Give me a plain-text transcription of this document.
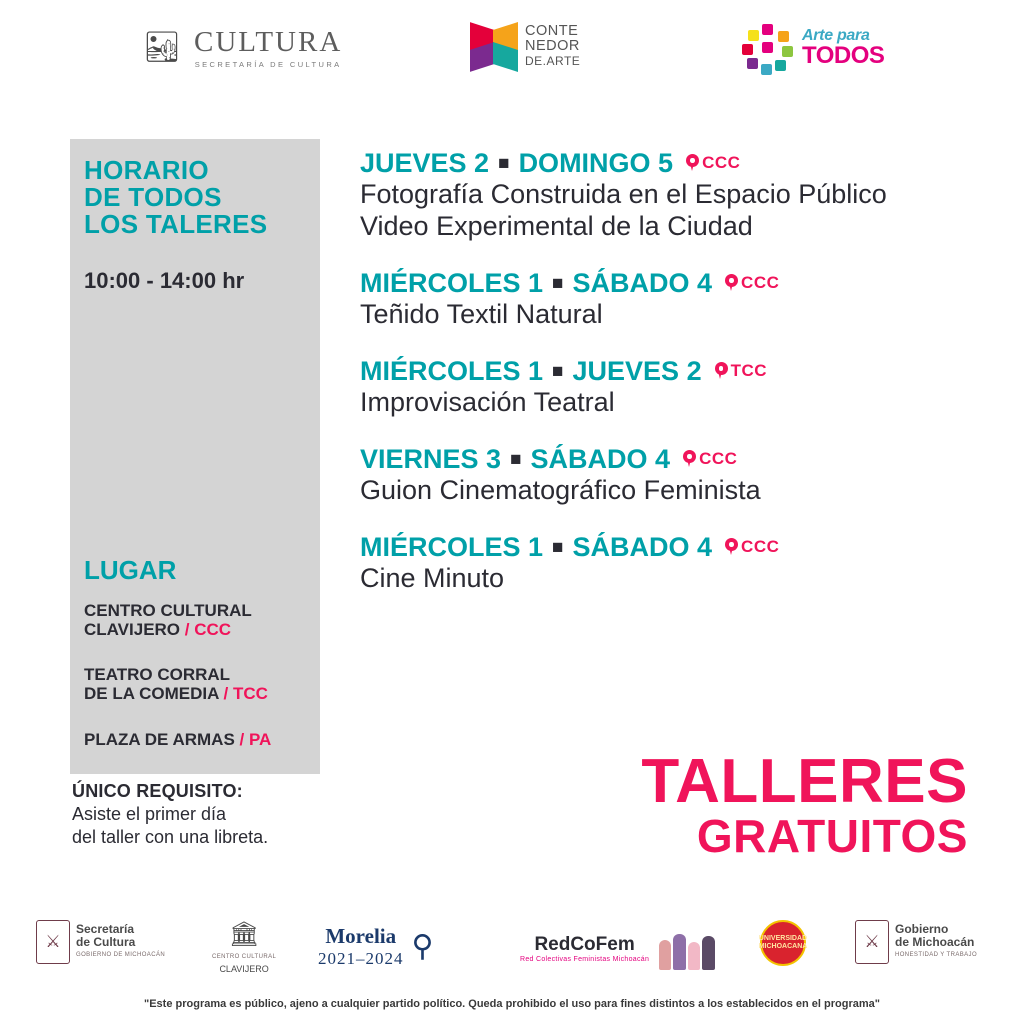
🏜 CULTURA
SECRETARÍA DE CULTURA
CONTE
NEDOR
DE.ARTE
Arte para
TODOS
HORARIO
DE TODOS
LOS TALERES
10:00 - 14:00 hr
LUGAR
CENTRO CULTURAL
CLAVIJERO / CCC
TEATRO CORRAL
DE LA COMEDIA / TCC
PLAZA DE ARMAS / PA
ÚNICO REQUISITO:
Asiste el primer día
del taller con una libreta.
JUEVES 2 ■ DOMINGO 5 CCC
Fotografía Construida en el Espacio Público
Video Experimental de la Ciudad
MIÉRCOLES 1 ■ SÁBADO 4 CCC
Teñido Textil Natural
MIÉRCOLES 1 ■ JUEVES 2 TCC
Improvisación Teatral
VIERNES 3 ■ SÁBADO 4 CCC
Guion Cinematográfico Feminista
MIÉRCOLES 1 ■ SÁBADO 4 CCC
Cine Minuto
TALLERES
GRATUITOS
⚔
Secretaría
de Cultura
GOBIERNO DE MICHOACÁN
🏛
CENTRO CULTURAL
CLAVIJERO
Morelia
2021–2024 ⚲	RedCoFem
Red Colectivas Feministas Michoacán
UNIVERSIDAD MICHOACANA	⚔
Gobierno
de Michoacán
HONESTIDAD Y TRABAJO
"Este programa es público, ajeno a cualquier partido político. Queda prohibido el uso para fines distintos a los establecidos en el programa"
